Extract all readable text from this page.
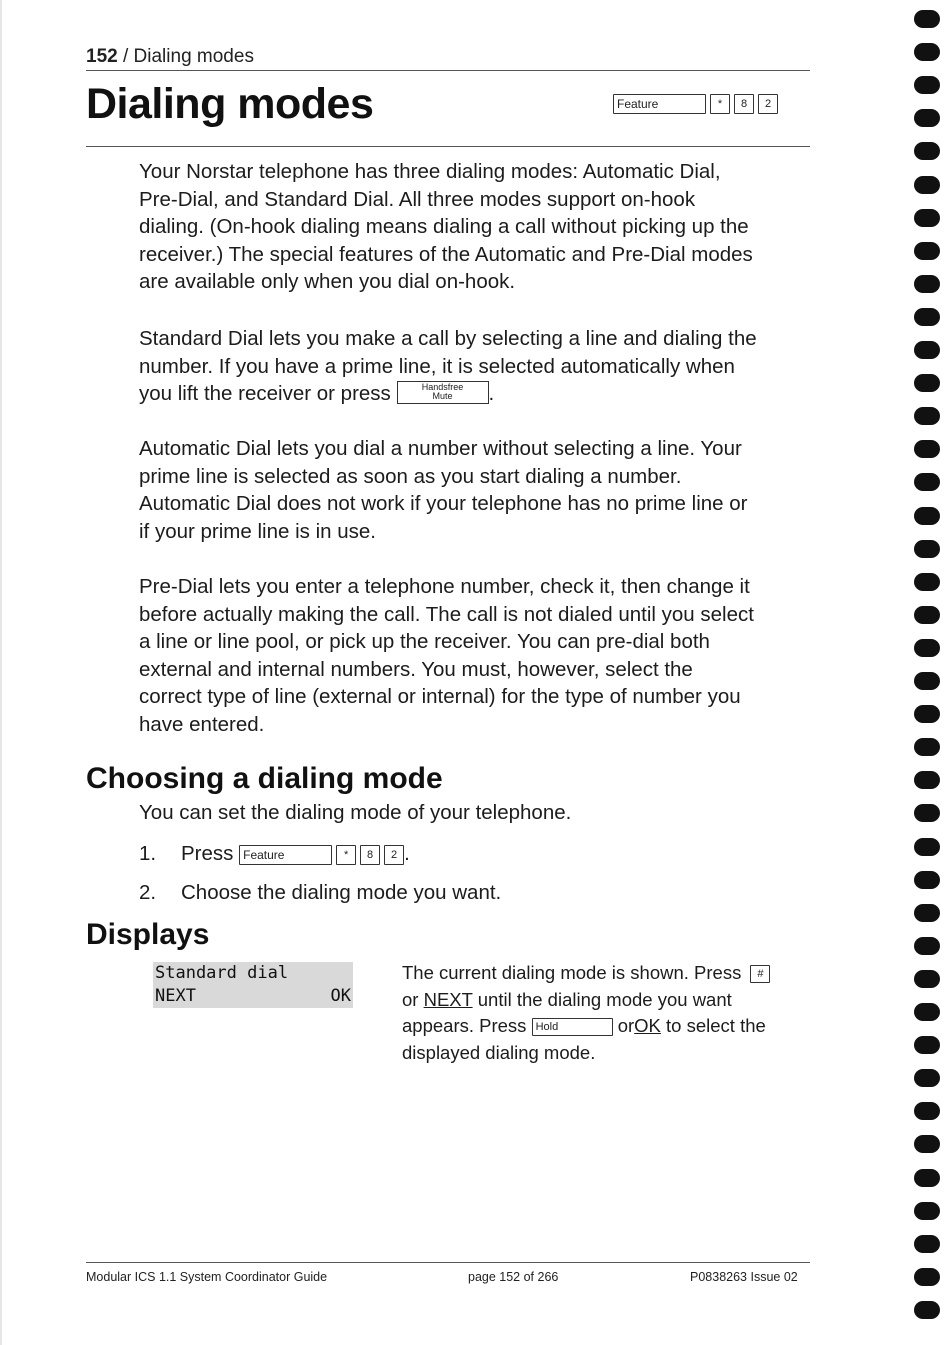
152 / Dialing modes
Dialing modes	Feature	* 8 2

Your Norstar telephone has three dialing modes: Automatic Dial,

Pre-Dial, and Standard Dial. All three modes support on-hook

dialing. (On-hook dialing means dialing a call without picking up the

receiver.) The special features of the Automatic and Pre-Dial modes

are available only when you dial on-hook.

Standard Dial lets you make a call by selecting a line and dialing the

number. If you have a prime line, it is selected automatically when

you lift the receiver or press	Handsfree
Mute	.

Automatic Dial lets you dial a number without selecting a line. Your

prime line is selected as soon as you start dialing a number.

Automatic Dial does not work if your telephone has no prime line or

if your prime line is in use.

Pre-Dial lets you enter a telephone number, check it, then change it

before actually making the call. The call is not dialed until you select

a line or line pool, or pick up the receiver. You can pre-dial both

external and internal numbers. You must, however, select the

correct type of line (external or internal) for the type of number you

have entered.

Choosing a dialing mode
You can set the dialing mode of your telephone.
1. Press Feature	* 8 2 .
2. Choose the dialing mode you want.
Displays
Standard dial
NEXT	OK

The current dialing mode is shown. Press #

or NEXT until the dialing mode you want

appears. Press Hold	orOK to select the

displayed dialing mode.

Modular ICS 1.1 System Coordinator Guide	page 152 of 266	P0838263 Issue 02
